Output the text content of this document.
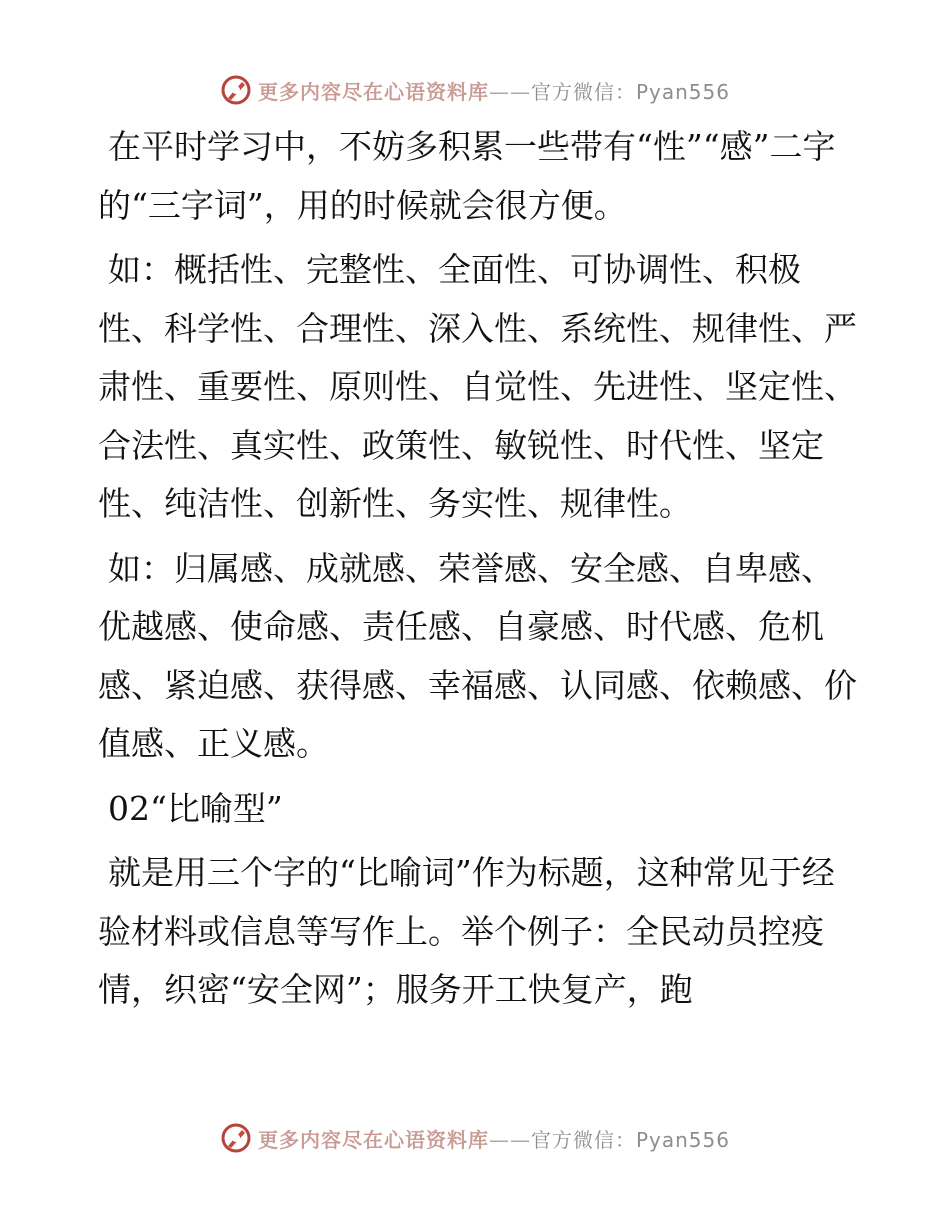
更多内容尽在心语资料库——官方微信：Pyan556

在平时学习中，不妨多积累一些带有“性”“感”二字的“三字词”，用的时候就会很方便。

如：概括性、完整性、全面性、可协调性、积极性、科学性、合理性、深入性、系统性、规律性、严肃性、重要性、原则性、自觉性、先进性、坚定性、合法性、真实性、政策性、敏锐性、时代性、坚定性、纯洁性、创新性、务实性、规律性。

如：归属感、成就感、荣誉感、安全感、自卑感、优越感、使命感、责任感、自豪感、时代感、危机感、紧迫感、获得感、幸福感、认同感、依赖感、价值感、正义感。

02“比喻型”

就是用三个字的“比喻词”作为标题，这种常见于经验材料或信息等写作上。举个例子：全民动员控疫情，织密“安全网”；服务开工快复产，跑

更多内容尽在心语资料库——官方微信：Pyan556
